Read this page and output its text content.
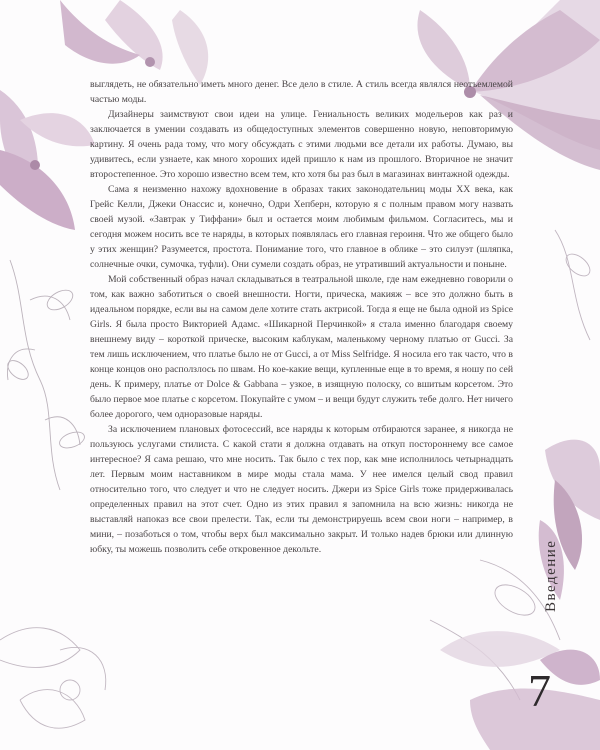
выглядеть, не обязательно иметь много денег. Все дело в стиле. А стиль всегда являлся неотъемлемой частью моды.

Дизайнеры заимствуют свои идеи на улице. Гениальность великих модельеров как раз и заключается в умении создавать из общедоступных элементов совершенно новую, неповторимую картину. Я очень рада тому, что могу обсуждать с этими людьми все детали их работы. Думаю, вы удивитесь, если узнаете, как много хороших идей пришло к нам из прошлого. Вторичное не значит второстепенное. Это хорошо известно всем тем, кто хотя бы раз был в магазинах винтажной одежды.

Сама я неизменно нахожу вдохновение в образах таких законодательниц моды XX века, как Грейс Келли, Джеки Онассис и, конечно, Одри Хепберн, которую я с полным правом могу назвать своей музой. «Завтрак у Тиффани» был и остается моим любимым фильмом. Согласитесь, мы и сегодня можем носить все те наряды, в которых появлялась его главная героиня. Что же общего было у этих женщин? Разумеется, простота. Понимание того, что главное в облике – это силуэт (шляпка, солнечные очки, сумочка, туфли). Они сумели создать образ, не утративший актуальности и поныне.

Мой собственный образ начал складываться в театральной школе, где нам ежедневно говорили о том, как важно заботиться о своей внешности. Ногти, прическа, макияж – все это должно быть в идеальном порядке, если вы на самом деле хотите стать актрисой. Тогда я еще не была одной из Spice Girls. Я была просто Викторией Адамс. «Шикарной Перчинкой» я стала именно благодаря своему внешнему виду – короткой прическе, высоким каблукам, маленькому черному платью от Gucci. За тем лишь исключением, что платье было не от Gucci, а от Miss Selfridge. Я носила его так часто, что в конце концов оно расползлось по швам. Но кое-какие вещи, купленные еще в то время, я ношу по сей день. К примеру, платье от Dolce & Gabbana – узкое, в изящную полоску, со вшитым корсетом. Это было первое мое платье с корсетом. Покупайте с умом – и вещи будут служить тебе долго. Нет ничего более дорогого, чем одноразовые наряды.

За исключением плановых фотосессий, все наряды к которым отбираются заранее, я никогда не пользуюсь услугами стилиста. С какой стати я должна отдавать на откуп постороннему все самое интересное? Я сама решаю, что мне носить. Так было с тех пор, как мне исполнилось четырнадцать лет. Первым моим наставником в мире моды стала мама. У нее имелся целый свод правил относительно того, что следует и что не следует носить. Джери из Spice Girls тоже придерживалась определенных правил на этот счет. Одно из этих правил я запомнила на всю жизнь: никогда не выставляй напоказ все свои прелести. Так, если ты демонстрируешь всем свои ноги – например, в мини, – позаботься о том, чтобы верх был максимально закрыт. И только надев брюки или длинную юбку, ты можешь позволить себе откровенное декольте.	Введение
7
